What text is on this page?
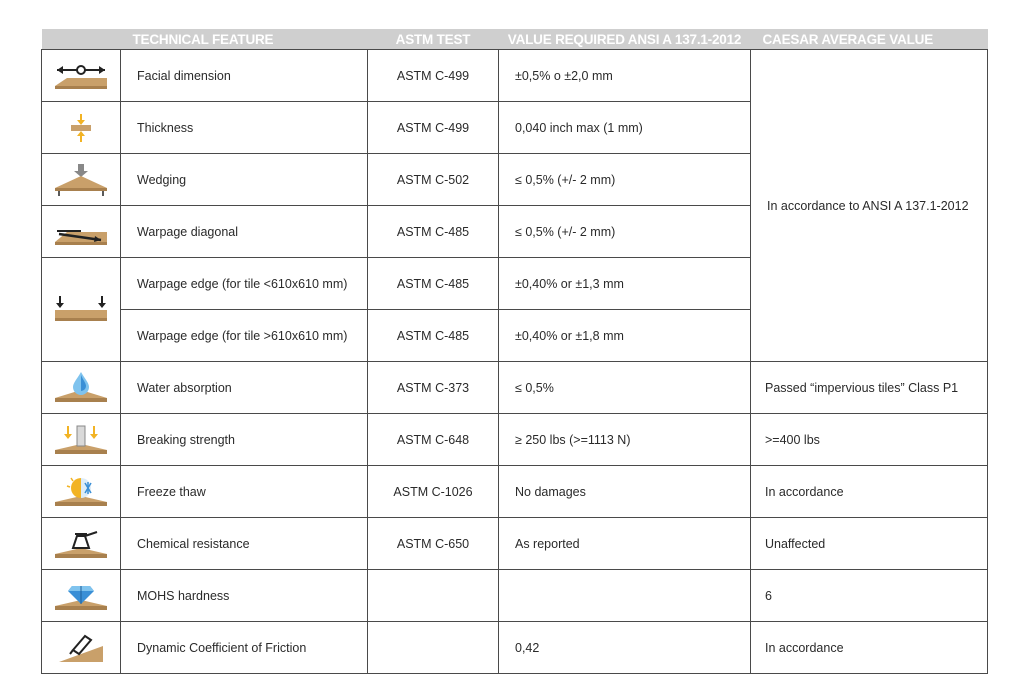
	TECHNICAL FEATURE	ASTM TEST	VALUE REQUIRED ANSI A 137.1-2012	CAESAR AVERAGE VALUE

	Facial dimension	ASTM C-499	±0,5% o ±2,0 mm	In accordance to ANSI A 137.1-2012

	Thickness	ASTM C-499	0,040 inch max (1 mm)	

	Wedging	ASTM C-502	≤ 0,5% (+/- 2 mm)	

	Warpage diagonal	ASTM C-485	≤ 0,5% (+/- 2 mm)	

	Warpage edge (for tile <610x610 mm)	ASTM C-485	±0,40% or ±1,3 mm	
	Warpage edge (for tile >610x610 mm)	ASTM C-485	±0,40% or ±1,8 mm	

	Water absorption	ASTM C-373	≤ 0,5%	Passed “impervious tiles” Class P1

	Breaking strength	ASTM C-648	≥ 250 lbs (>=1113 N)	>=400 lbs

	Freeze thaw	ASTM C-1026	No damages	In accordance

	Chemical resistance	ASTM C-650	As reported	Unaffected

	MOHS hardness			6

	Dynamic Coefficient of Friction		0,42	In accordance
